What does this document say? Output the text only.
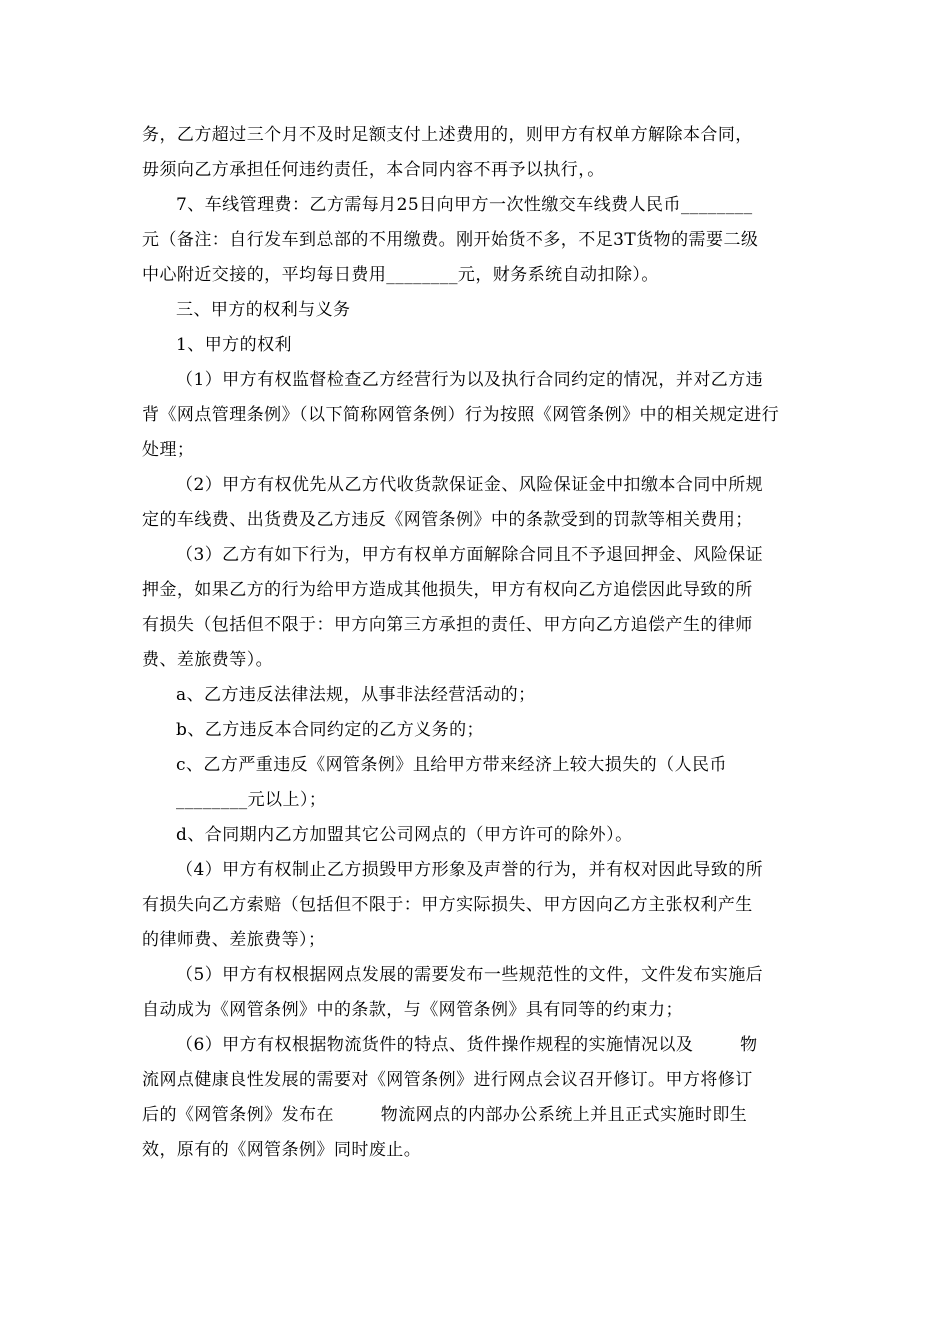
务，乙方超过三个月不及时足额支付上述费用的，则甲方有权单方解除本合同，
毋须向乙方承担任何违约责任，本合同内容不再予以执行，。
7、车线管理费：乙方需每月25日向甲方一次性缴交车线费人民币________
元（备注：自行发车到总部的不用缴费。刚开始货不多，不足3T货物的需要二级
中心附近交接的，平均每日费用________元，财务系统自动扣除）。
三、甲方的权利与义务
1、甲方的权利
（1）甲方有权监督检查乙方经营行为以及执行合同约定的情况，并对乙方违
背《网点管理条例》（以下简称网管条例）行为按照《网管条例》中的相关规定进行
处理；
（2）甲方有权优先从乙方代收货款保证金、风险保证金中扣缴本合同中所规
定的车线费、出货费及乙方违反《网管条例》中的条款受到的罚款等相关费用；
（3）乙方有如下行为，甲方有权单方面解除合同且不予退回押金、风险保证
押金，如果乙方的行为给甲方造成其他损失，甲方有权向乙方追偿因此导致的所
有损失（包括但不限于：甲方向第三方承担的责任、甲方向乙方追偿产生的律师
费、差旅费等）。
a、乙方违反法律法规，从事非法经营活动的；
b、乙方违反本合同约定的乙方义务的；
c、乙方严重违反《网管条例》且给甲方带来经济上较大损失的（人民币
________元以上）；
d、合同期内乙方加盟其它公司网点的（甲方许可的除外）。
（4）甲方有权制止乙方损毁甲方形象及声誉的行为，并有权对因此导致的所
有损失向乙方索赔（包括但不限于：甲方实际损失、甲方因向乙方主张权利产生
的律师费、差旅费等）；
（5）甲方有权根据网点发展的需要发布一些规范性的文件，文件发布实施后
自动成为《网管条例》中的条款，与《网管条例》具有同等的约束力；
（6）甲方有权根据物流货件的特点、货件操作规程的实施情况以及        物
流网点健康良性发展的需要对《网管条例》进行网点会议召开修订。甲方将修订
后的《网管条例》发布在        物流网点的内部办公系统上并且正式实施时即生
效，原有的《网管条例》同时废止。
